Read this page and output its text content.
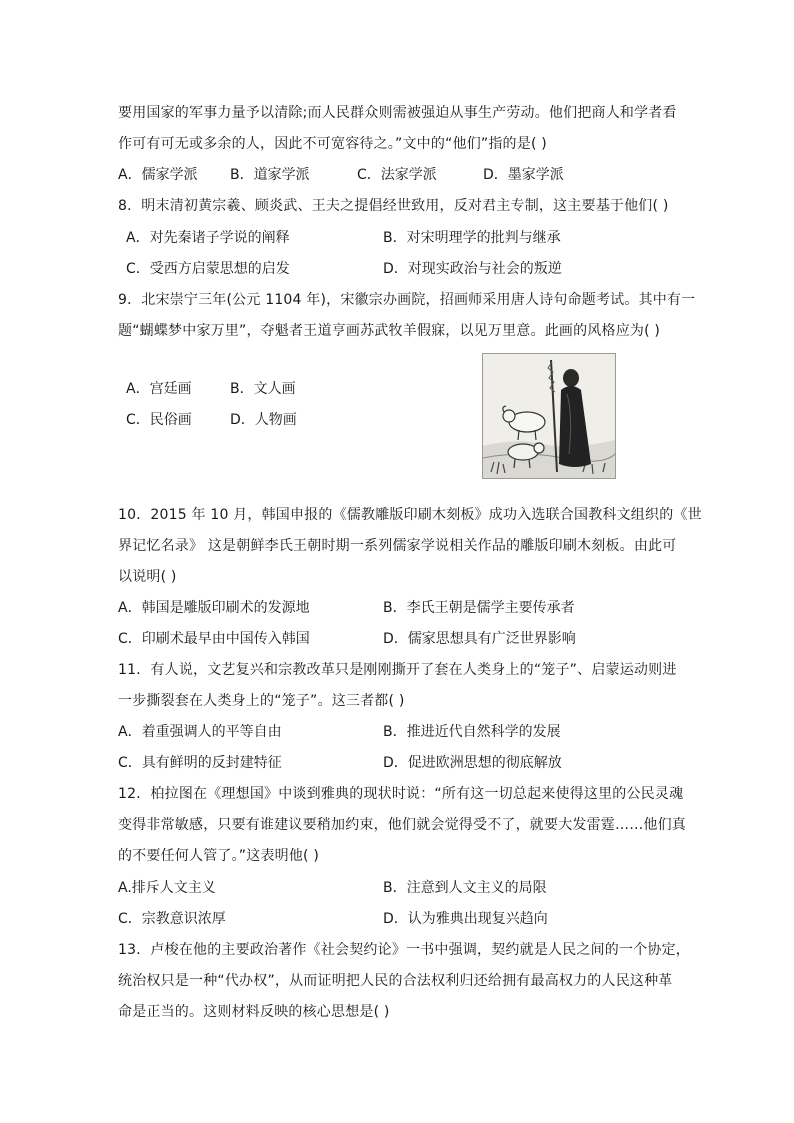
要用国家的军事力量予以清除;而人民群众则需被强迫从事生产劳动。他们把商人和学者看
作可有可无或多余的人，因此不可宽容待之。”文中的“他们”指的是( )
A．儒家学派 B．道家学派	C．法家学派	D．墨家学派
8．明末清初黄宗羲、顾炎武、王夫之提倡经世致用，反对君主专制，这主要基于他们( )
A．对先秦诸子学说的阐释	B．对宋明理学的批判与继承
C．受西方启蒙思想的启发	D．对现实政治与社会的叛逆
9．北宋崇宁三年(公元 1104 年)，宋徽宗办画院，招画师采用唐人诗句命题考试。其中有一
题“蝴蝶梦中家万里”，夺魁者王道亨画苏武牧羊假寐，以见万里意。此画的风格应为( )
A．宫廷画	B．文人画
C．民俗画	D．人物画
10．2015 年 10 月，韩国申报的《儒教雕版印刷木刻板》成功入选联合国教科文组织的《世
界记忆名录》 这是朝鲜李氏王朝时期一系列儒家学说相关作品的雕版印刷木刻板。由此可
以说明( )
A．韩国是雕版印刷术的发源地	B．李氏王朝是儒学主要传承者
C．印刷术最早由中国传入韩国	D．儒家思想具有广泛世界影响
11．有人说，文艺复兴和宗教改革只是刚刚撕开了套在人类身上的“笼子”、启蒙运动则进
一步撕裂套在人类身上的“笼子”。这三者都( )
A．着重强调人的平等自由	B．推进近代自然科学的发展
C．具有鲜明的反封建特征	D．促进欧洲思想的彻底解放
12．柏拉图在《理想国》中谈到雅典的现状时说：“所有这一切总起来使得这里的公民灵魂
变得非常敏感，只要有谁建议要稍加约束，他们就会觉得受不了，就要大发雷霆……他们真
的不要任何人管了。”这表明他( )
A.排斥人文主义	B．注意到人文主义的局限
C．宗教意识浓厚	D．认为雅典出现复兴趋向
13．卢梭在他的主要政治著作《社会契约论》一书中强调，契约就是人民之间的一个协定，
统治权只是一种“代办权”，从而证明把人民的合法权利归还给拥有最高权力的人民这种革
命是正当的。这则材料反映的核心思想是( )
